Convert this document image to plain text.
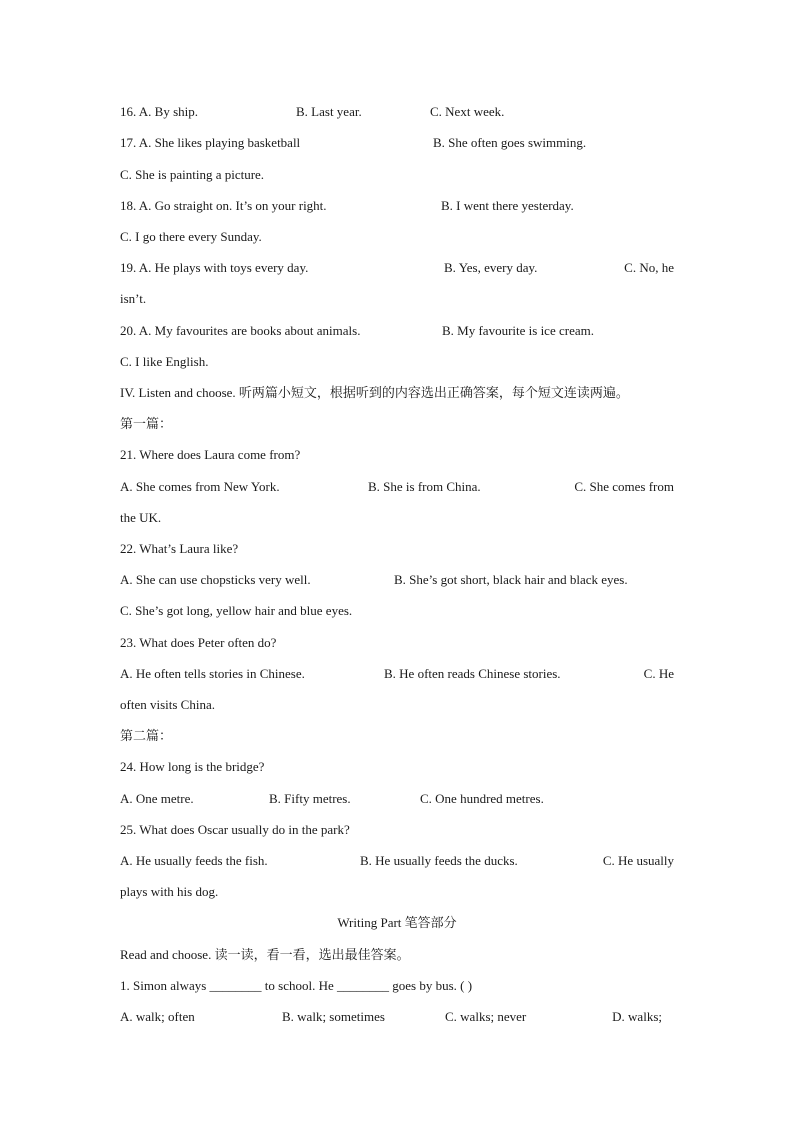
16. A. By ship.	B. Last year.	C. Next week.
17. A. She likes playing basketball	B. She often goes swimming.
C. She is painting a picture.
18. A. Go straight on. It’s on your right.	B. I went there yesterday.
C. I go there every Sunday.
19. A. He plays with toys every day.	B. Yes, every day.	C. No, he
isn’t.
20. A. My favourites are books about animals.	B. My favourite is ice cream.
C. I like English.
IV. Listen and choose. 听两篇小短文，根据听到的内容选出正确答案，每个短文连读两遍。
第一篇：
21. Where does Laura come from?
A. She comes from New York.	B. She is from China.	C. She comes from
the UK.
22. What’s Laura like?
A. She can use chopsticks very well.	B. She’s got short, black hair and black eyes.
C. She’s got long, yellow hair and blue eyes.
23. What does Peter often do?
A. He often tells stories in Chinese.	B. He often reads Chinese stories.	C. He
often visits China.
第二篇：
24. How long is the bridge?
A. One metre.	B. Fifty metres.	C. One hundred metres.
25. What does Oscar usually do in the park?
A. He usually feeds the fish.	B. He usually feeds the ducks.	C. He usually
plays with his dog.
Writing Part 笔答部分
Read and choose. 读一读，看一看，选出最佳答案。
1. Simon always ________ to school. He ________ goes by bus. ( )
A. walk; often	B. walk; sometimes	C. walks; never	D. walks;
